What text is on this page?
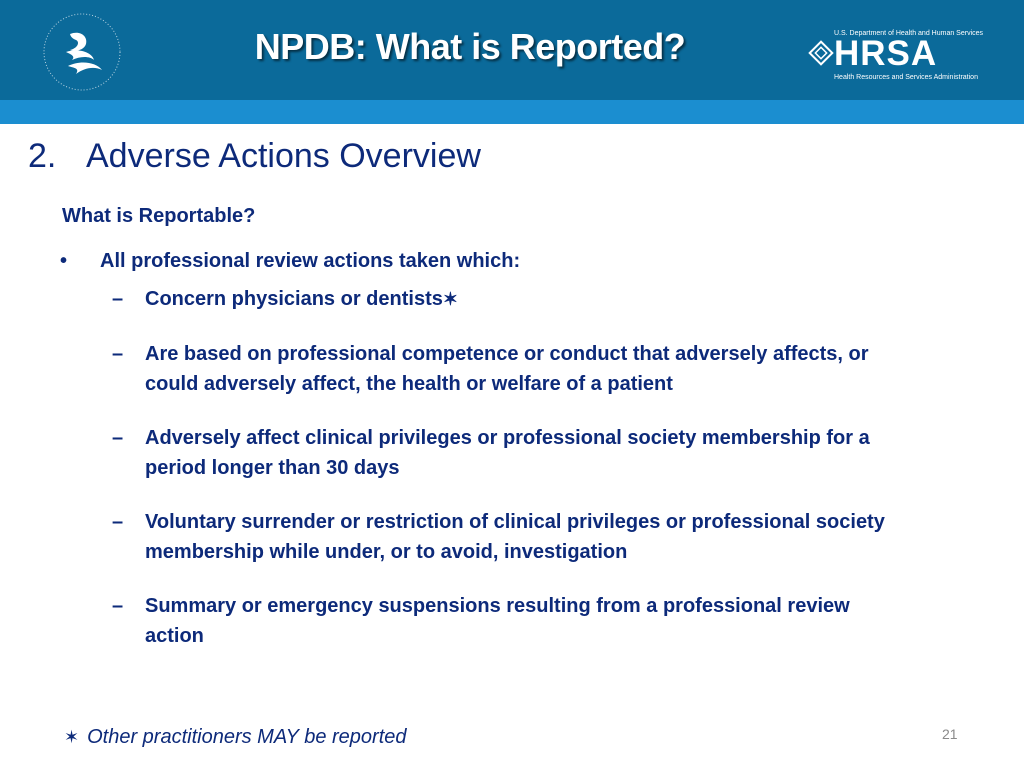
NPDB: What is Reported?	U.S. Department of Health and Human Services
HRSA
Health Resources and Services Administration
2. Adverse Actions Overview
What is Reportable?
• All professional review actions taken which:
– Concern physicians or dentists✶
– Are based on professional competence or conduct that adversely affects, or could adversely affect, the health or welfare of a patient
– Adversely affect clinical privileges or professional society membership for a period longer than 30 days
– Voluntary surrender or restriction of clinical privileges or professional society membership while under, or to avoid, investigation
– Summary or emergency suspensions resulting from a professional review action
✶ Other practitioners MAY be reported	21
